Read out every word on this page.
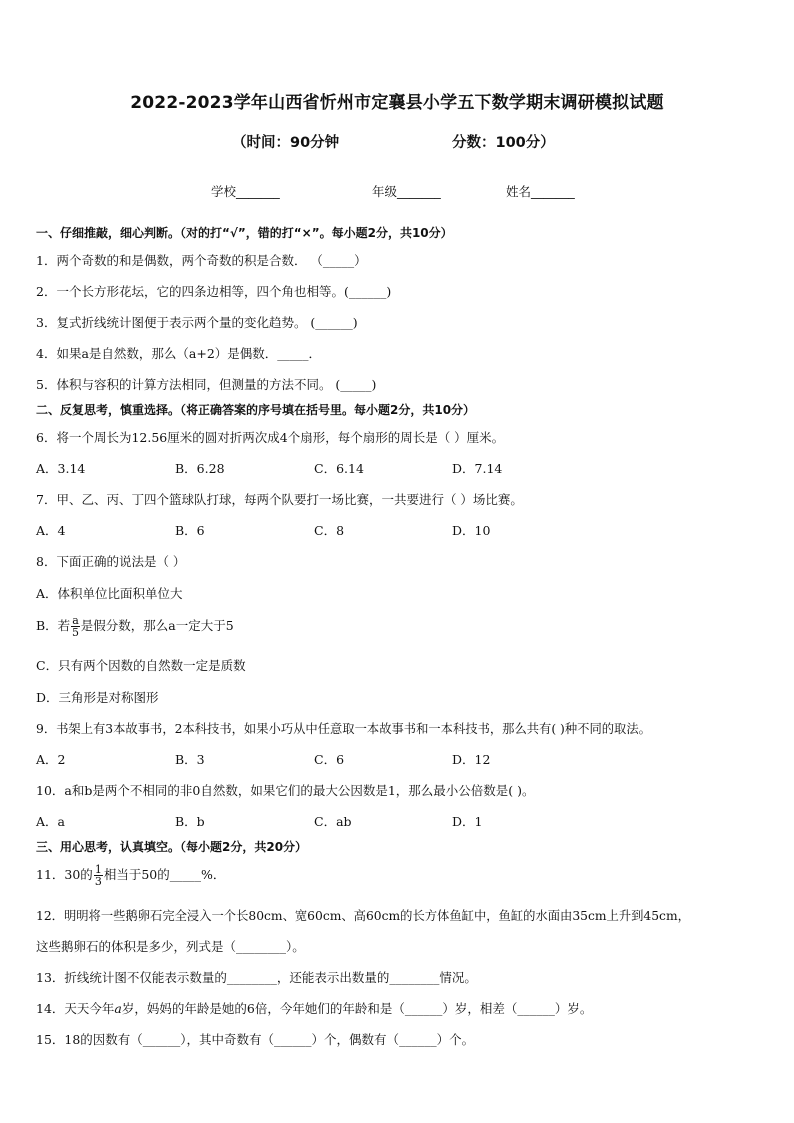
2022-2023学年山西省忻州市定襄县小学五下数学期末调研模拟试题
（时间：90分钟	分数：100分）
学校_______	年级_______	姓名_______
一、仔细推敲，细心判断。（对的打“√”，错的打“×”。每小题2分，共10分）
1．两个奇数的和是偶数，两个奇数的积是合数． （_____）
2．一个长方形花坛，它的四条边相等，四个角也相等。(______)
3．复式折线统计图便于表示两个量的变化趋势。 (______)
4．如果a是自然数，那么（a+2）是偶数．_____．
5．体积与容积的计算方法相同，但测量的方法不同。 (_____)
二、反复思考，慎重选择。（将正确答案的序号填在括号里。每小题2分，共10分）
6．将一个周长为12.56厘米的圆对折两次成4个扇形，每个扇形的周长是（ ）厘米。
A．3.14	B．6.28	C．6.14	D．7.14
7．甲、乙、丙、丁四个篮球队打球，每两个队要打一场比赛，一共要进行（ ）场比赛。
A．4	B．6	C．8	D．10
8．下面正确的说法是（ ）
A．体积单位比面积单位大
B．若 $\frac{a}{5}$ 是假分数，那么a一定大于5
C．只有两个因数的自然数一定是质数
D．三角形是对称图形
9．书架上有3本故事书，2本科技书，如果小巧从中任意取一本故事书和一本科技书，那么共有( )种不同的取法。
A．2	B．3	C．6	D．12
10．a和b是两个不相同的非0自然数，如果它们的最大公因数是1，那么最小公倍数是( )。
A．a	B．b	C．ab	D．1
三、用心思考，认真填空。（每小题2分，共20分）
11．30的 $\frac{1}{3}$ 相当于50的_____%．
12．明明将一些鹅卵石完全浸入一个长80cm、宽60cm、高60cm的长方体鱼缸中，鱼缸的水面由35cm上升到45cm，
这些鹅卵石的体积是多少，列式是（________）。
13．折线统计图不仅能表示数量的________，还能表示出数量的________情况。
14．天天今年a岁，妈妈的年龄是她的6倍，今年她们的年龄和是（______）岁，相差（______）岁。
15．18的因数有（______），其中奇数有（______）个，偶数有（______）个。
